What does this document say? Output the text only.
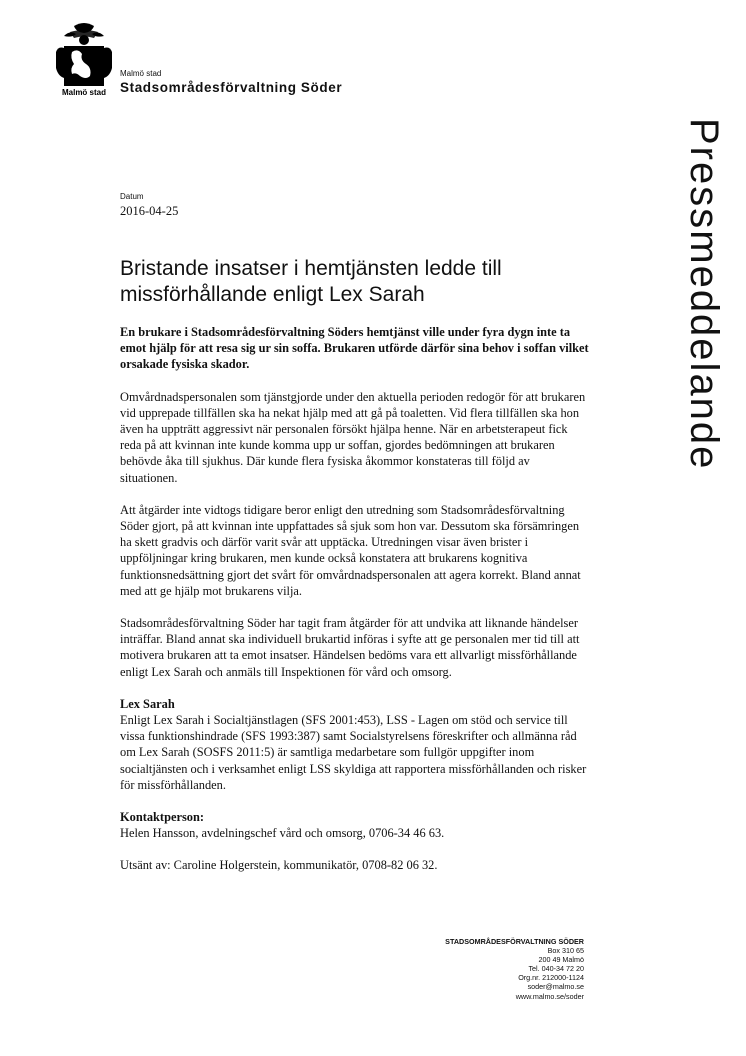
Malmö stad
Malmö stad
Stadsområdesförvaltning Söder
Pressmeddelande
Datum
2016-04-25
Bristande insatser i hemtjänsten ledde till missförhållande enligt Lex Sarah

En brukare i Stadsområdesförvaltning Söders hemtjänst ville under fyra dygn inte ta emot hjälp för att resa sig ur sin soffa. Brukaren utförde därför sina behov i soffan vilket orsakade fysiska skador.

Omvårdnadspersonalen som tjänstgjorde under den aktuella perioden redogör för att brukaren vid upprepade tillfällen ska ha nekat hjälp med att gå på toaletten. Vid flera tillfällen ska hon även ha uppträtt aggressivt när personalen försökt hjälpa henne. När en arbetsterapeut fick reda på att kvinnan inte kunde komma upp ur soffan, gjordes bedömningen att brukaren behövde åka till sjukhus. Där kunde flera fysiska åkommor konstateras till följd av situationen.

Att åtgärder inte vidtogs tidigare beror enligt den utredning som Stadsområdesförvaltning Söder gjort, på att kvinnan inte uppfattades så sjuk som hon var. Dessutom ska försämringen ha skett gradvis och därför varit svår att upptäcka. Utredningen visar även brister i uppföljningar kring brukaren, men kunde också konstatera att brukarens kognitiva funktionsnedsättning gjort det svårt för omvårdnadspersonalen att agera korrekt. Bland annat med att ge hjälp mot brukarens vilja.

Stadsområdesförvaltning Söder har tagit fram åtgärder för att undvika att liknande händelser inträffar. Bland annat ska individuell brukartid införas i syfte att ge personalen mer tid till att motivera brukaren att ta emot insatser. Händelsen bedöms vara ett allvarligt missförhållande enligt Lex Sarah och anmäls till Inspektionen för vård och omsorg.

Lex Sarah
Enligt Lex Sarah i Socialtjänstlagen (SFS 2001:453), LSS - Lagen om stöd och service till vissa funktionshindrade (SFS 1993:387) samt Socialstyrelsens föreskrifter och allmänna råd om Lex Sarah (SOSFS 2011:5) är samtliga medarbetare som fullgör uppgifter inom socialtjänsten och i verksamhet enligt LSS skyldiga att rapportera missförhållanden och risker för missförhållanden.
Kontaktperson:
Helen Hansson, avdelningschef vård och omsorg, 0706-34 46 63.
Utsänt av: Caroline Holgerstein, kommunikatör, 0708-82 06 32.
STADSOMRÅDESFÖRVALTNING SÖDER
Box 310 65
200 49 Malmö
Tel. 040-34 72 20
Org.nr. 212000-1124
soder@malmo.se
www.malmo.se/soder
